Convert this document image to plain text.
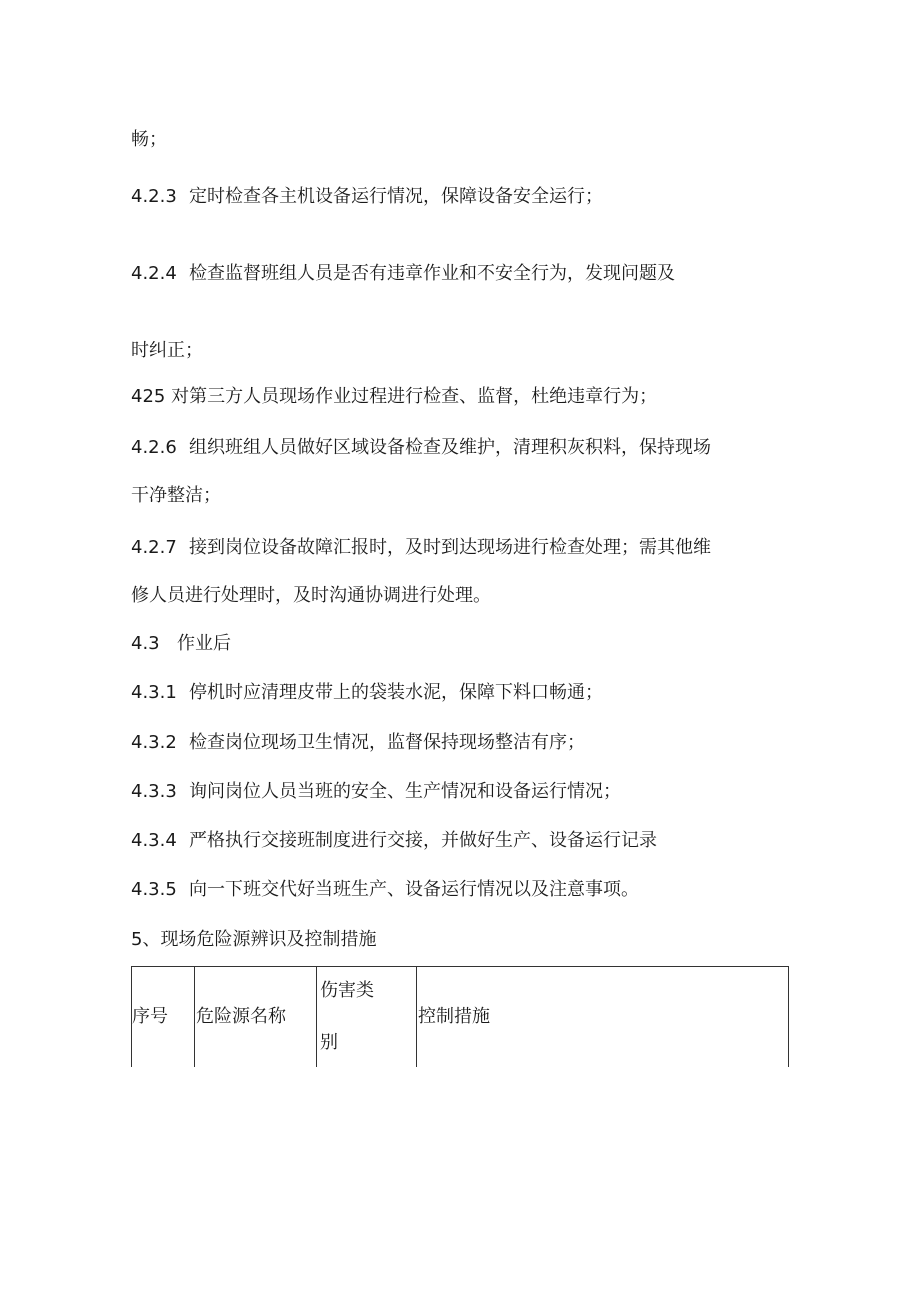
畅；
4.2.3 定时检查各主机设备运行情况，保障设备安全运行；
4.2.4 检查监督班组人员是否有违章作业和不安全行为，发现问题及
时纠正；
425 对第三方人员现场作业过程进行检查、监督，杜绝违章行为；
4.2.6 组织班组人员做好区域设备检查及维护，清理积灰积料，保持现场
干净整洁；
4.2.7 接到岗位设备故障汇报时，及时到达现场进行检查处理；需其他维
修人员进行处理时，及时沟通协调进行处理。
4.3 作业后
4.3.1 停机时应清理皮带上的袋装水泥，保障下料口畅通；
4.3.2 检查岗位现场卫生情况，监督保持现场整洁有序；
4.3.3 询问岗位人员当班的安全、生产情况和设备运行情况；
4.3.4 严格执行交接班制度进行交接，并做好生产、设备运行记录
4.3.5 向一下班交代好当班生产、设备运行情况以及注意事项。
5、现场危险源辨识及控制措施
序号 危险源名称
伤害类
别
控制措施
